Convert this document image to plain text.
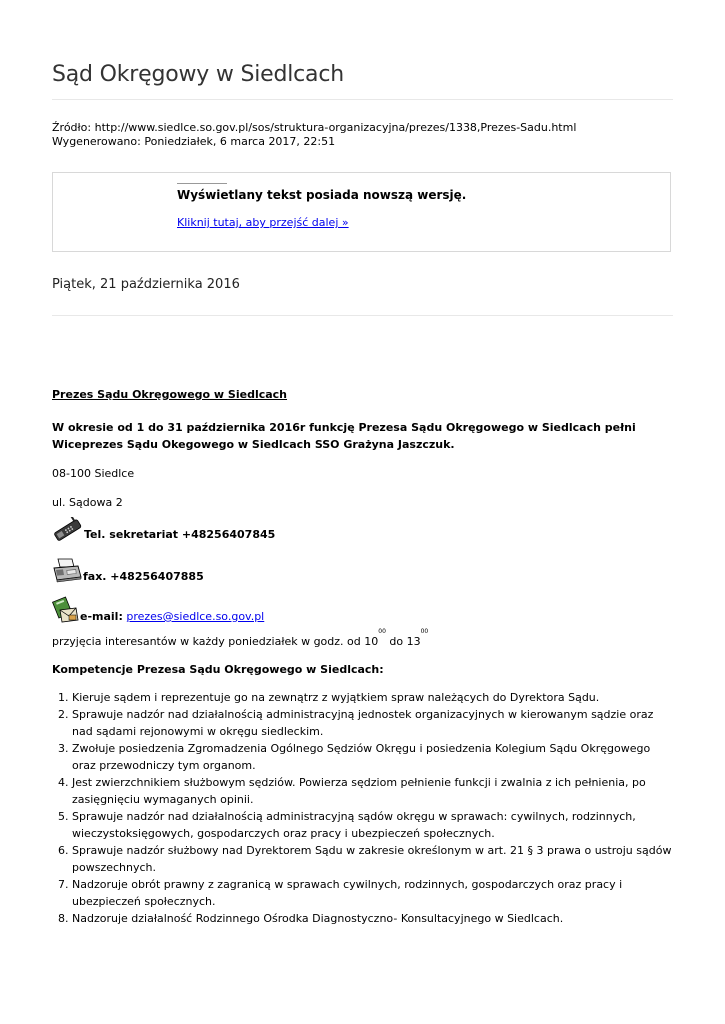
Sąd Okręgowy w Siedlcach
Źródło: http://www.siedlce.so.gov.pl/sos/struktura-organizacyjna/prezes/1338,Prezes-Sadu.html
Wygenerowano: Poniedziałek, 6 marca 2017, 22:51
Wyświetlany tekst posiada nowszą wersję.
Kliknij tutaj, aby przejść dalej »
Piątek, 21 października 2016

Prezes Sądu Okręgowego w Siedlcach

W okresie od 1 do 31 października 2016r funkcję Prezesa Sądu Okręgowego w Siedlcach pełni Wiceprezes Sądu Okegowego w Siedlcach SSO Grażyna Jaszczuk.

08-100 Siedlce

ul. Sądowa 2

Tel. sekretariat +48256407845
fax. +48256407885
e-mail:
prezes@siedlce.so.gov.pl

przyjęcia interesantów w każdy poniedziałek w godz. od $10^{00}$ do $13^{00}$

Kompetencje Prezesa Sądu Okręgowego w Siedlcach:

1. Kieruje sądem i reprezentuje go na zewnątrz z wyjątkiem spraw należących do Dyrektora Sądu.
2. Sprawuje nadzór nad działalnością administracyjną jednostek organizacyjnych w kierowanym sądzie oraz nad sądami rejonowymi w okręgu siedleckim.
3. Zwołuje posiedzenia Zgromadzenia Ogólnego Sędziów Okręgu i posiedzenia Kolegium Sądu Okręgowego oraz przewodniczy tym organom.
4. Jest zwierzchnikiem służbowym sędziów. Powierza sędziom pełnienie funkcji i zwalnia z ich pełnienia, po zasięgnięciu wymaganych opinii.
5. Sprawuje nadzór nad działalnością administracyjną sądów okręgu w sprawach: cywilnych, rodzinnych, wieczystoksięgowych, gospodarczych oraz pracy i ubezpieczeń społecznych.
6. Sprawuje nadzór służbowy nad Dyrektorem Sądu w zakresie określonym w art. 21 § 3 prawa o ustroju sądów powszechnych.
7. Nadzoruje obrót prawny z zagranicą w sprawach cywilnych, rodzinnych, gospodarczych oraz pracy i ubezpieczeń społecznych.
8. Nadzoruje działalność Rodzinnego Ośrodka Diagnostyczno- Konsultacyjnego w Siedlcach.
